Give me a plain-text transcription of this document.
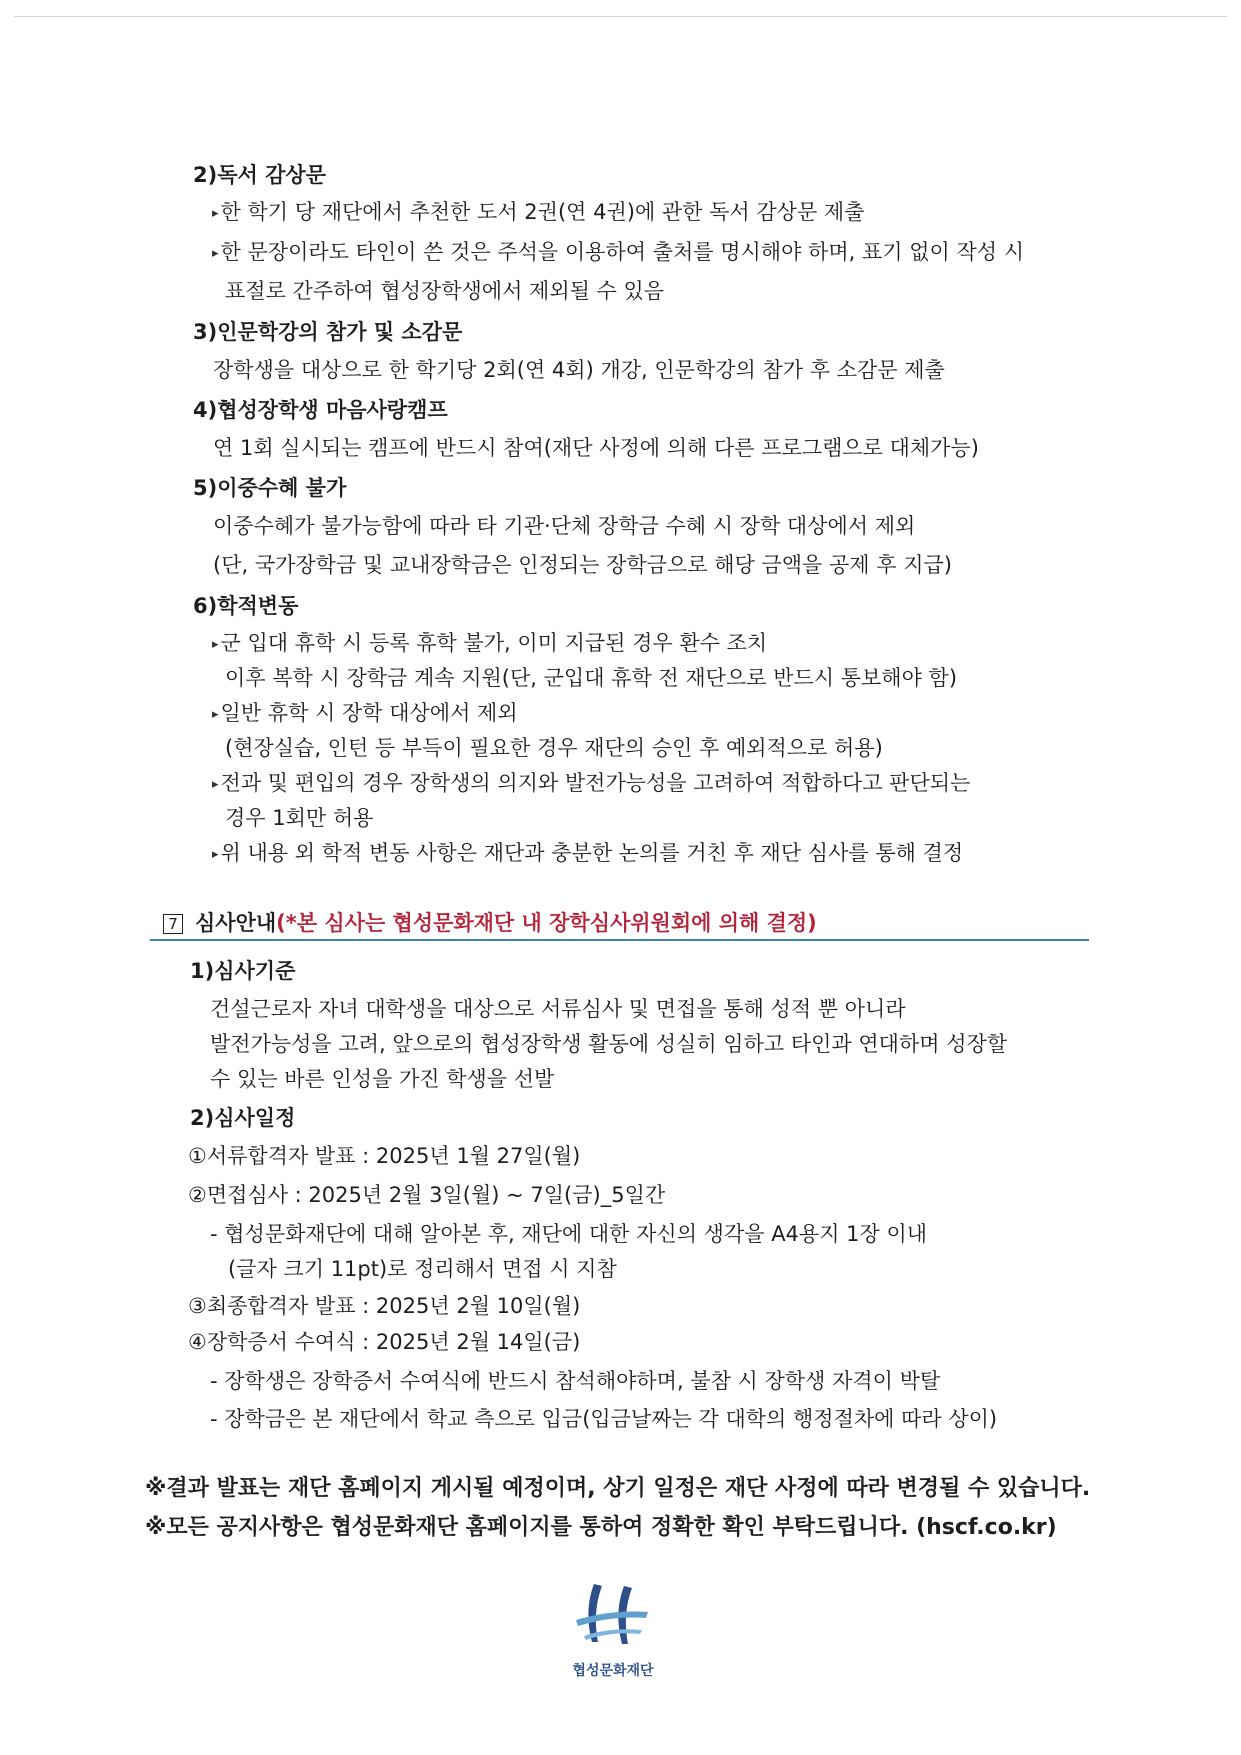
2)독서 감상문
▸ 한 학기 당 재단에서 추천한 도서 2권(연 4권)에 관한 독서 감상문 제출
▸ 한 문장이라도 타인이 쓴 것은 주석을 이용하여 출처를 명시해야 하며, 표기 없이 작성 시
표절로 간주하여 협성장학생에서 제외될 수 있음
3)인문학강의 참가 및 소감문
장학생을 대상으로 한 학기당 2회(연 4회) 개강, 인문학강의 참가 후 소감문 제출
4)협성장학생 마음사랑캠프
연 1회 실시되는 캠프에 반드시 참여(재단 사정에 의해 다른 프로그램으로 대체가능)
5)이중수혜 불가
이중수혜가 불가능함에 따라 타 기관·단체 장학금 수혜 시 장학 대상에서 제외
(단, 국가장학금 및 교내장학금은 인정되는 장학금으로 해당 금액을 공제 후 지급)
6)학적변동
▸ 군 입대 휴학 시 등록 휴학 불가, 이미 지급된 경우 환수 조치
이후 복학 시 장학금 계속 지원(단, 군입대 휴학 전 재단으로 반드시 통보해야 함)
▸ 일반 휴학 시 장학 대상에서 제외
(현장실습, 인턴 등 부득이 필요한 경우 재단의 승인 후 예외적으로 허용)
▸ 전과 및 편입의 경우 장학생의 의지와 발전가능성을 고려하여 적합하다고 판단되는
경우 1회만 허용
▸ 위 내용 외 학적 변동 사항은 재단과 충분한 논의를 거친 후 재단 심사를 통해 결정
7 심사안내(*본 심사는 협성문화재단 내 장학심사위원회에 의해 결정)
1)심사기준
건설근로자 자녀 대학생을 대상으로 서류심사 및 면접을 통해 성적 뿐 아니라
발전가능성을 고려, 앞으로의 협성장학생 활동에 성실히 임하고 타인과 연대하며 성장할
수 있는 바른 인성을 가진 학생을 선발
2)심사일정
①서류합격자 발표 : 2025년 1월 27일(월)
②면접심사 : 2025년 2월 3일(월) ~ 7일(금)_5일간
- 협성문화재단에 대해 알아본 후, 재단에 대한 자신의 생각을 A4용지 1장 이내
(글자 크기 11pt)로 정리해서 면접 시 지참
③최종합격자 발표 : 2025년 2월 10일(월)
④장학증서 수여식 : 2025년 2월 14일(금)
- 장학생은 장학증서 수여식에 반드시 참석해야하며, 불참 시 장학생 자격이 박탈
- 장학금은 본 재단에서 학교 측으로 입금(입금날짜는 각 대학의 행정절차에 따라 상이)
※결과 발표는 재단 홈페이지 게시될 예정이며, 상기 일정은 재단 사정에 따라 변경될 수 있습니다.
※모든 공지사항은 협성문화재단 홈페이지를 통하여 정확한 확인 부탁드립니다. (hscf.co.kr)
협성문화재단
